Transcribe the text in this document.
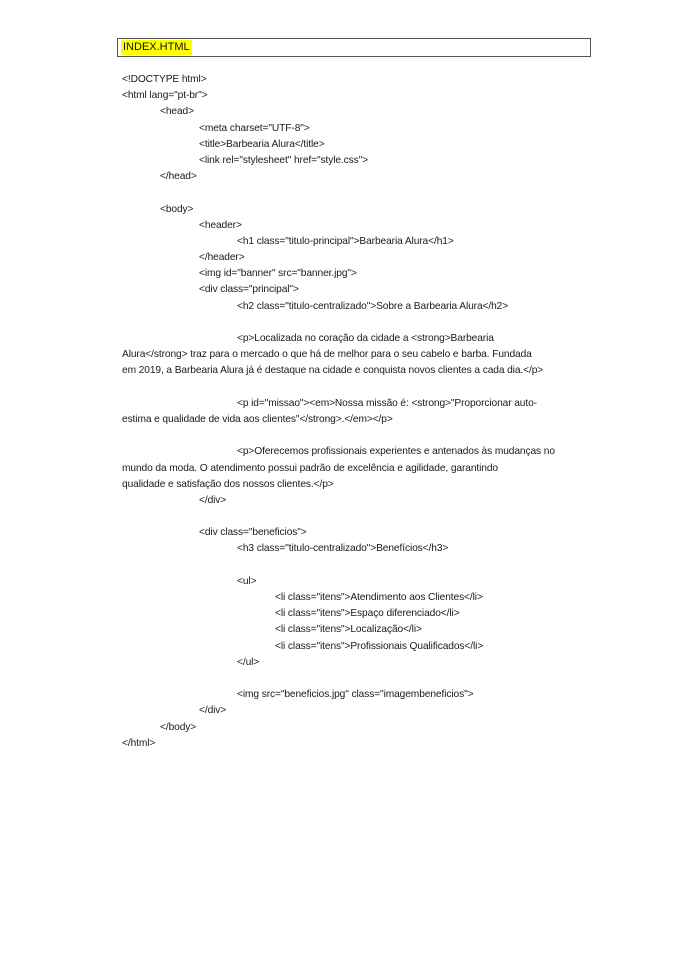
INDEX.HTML
<!DOCTYPE html>
<html lang="pt-br">
<head>
<meta charset="UTF-8">
<title>Barbearia Alura</title>
<link rel="stylesheet" href="style.css">
</head>
<body>
<header>
<h1 class="titulo-principal">Barbearia Alura</h1>
</header>
<img id="banner" src="banner.jpg">
<div class="principal">
<h2 class="titulo-centralizado">Sobre a Barbearia Alura</h2>
<p>Localizada no coração da cidade a <strong>Barbearia
Alura</strong> traz para o mercado o que há de melhor para o seu cabelo e barba. Fundada
em 2019, a Barbearia Alura já é destaque na cidade e conquista novos clientes a cada dia.</p>
<p id="missao"><em>Nossa missão é: <strong>"Proporcionar auto-
estima e qualidade de vida aos clientes"</strong>.</em></p>
<p>Oferecemos profissionais experientes e antenados às mudanças no
mundo da moda. O atendimento possui padrão de excelência e agilidade, garantindo
qualidade e satisfação dos nossos clientes.</p>
</div>
<div class="beneficios">
<h3 class="titulo-centralizado">Benefícios</h3>
<ul>
<li class="itens">Atendimento aos Clientes</li>
<li class="itens">Espaço diferenciado</li>
<li class="itens">Localização</li>
<li class="itens">Profissionais Qualificados</li>
</ul>
<img src="beneficios.jpg" class="imagembeneficios">
</div>
</body>
</html>
